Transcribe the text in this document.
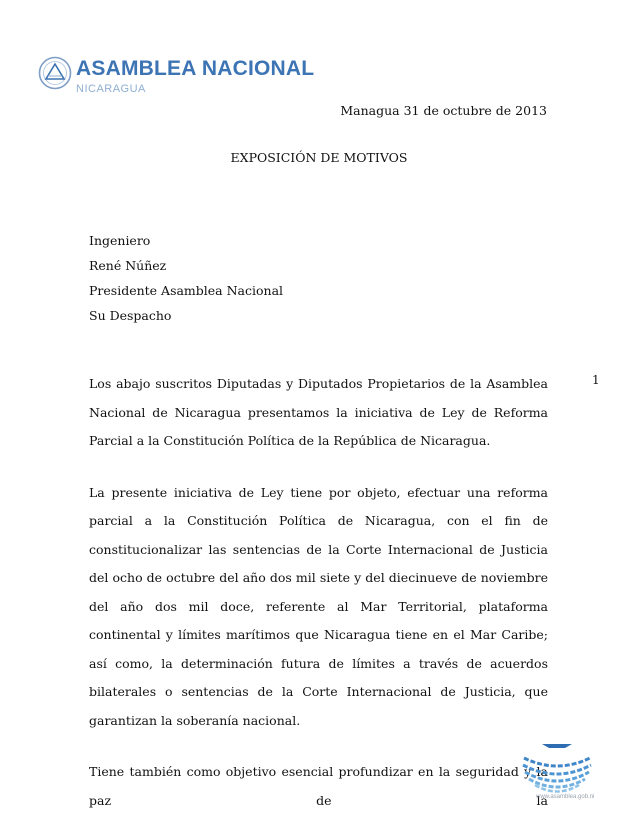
ASAMBLEA NACIONAL
NICARAGUA
Managua 31 de octubre de 2013
EXPOSICIÓN DE MOTIVOS
Ingeniero
René Núñez
Presidente Asamblea Nacional
Su Despacho

Los abajo suscritos Diputadas y Diputados Propietarios de la Asamblea Nacional de Nicaragua presentamos la iniciativa de Ley de Reforma Parcial a la Constitución Política de la República de Nicaragua.

La presente iniciativa de Ley tiene por objeto, efectuar una reforma parcial a la Constitución Política de Nicaragua, con el fin de constitucionalizar las sentencias de la Corte Internacional de Justicia del ocho de octubre del año dos mil siete y del diecinueve de noviembre del año dos mil doce, referente al Mar Territorial, plataforma continental y límites marítimos que Nicaragua tiene en el Mar Caribe; así como, la determinación futura de límites a través de acuerdos bilaterales o sentencias de la Corte Internacional de Justicia, que garantizan la soberanía nacional.

Tiene también como objetivo esencial profundizar en la seguridad y la paz de la

1
www.asamblea.gob.ni
